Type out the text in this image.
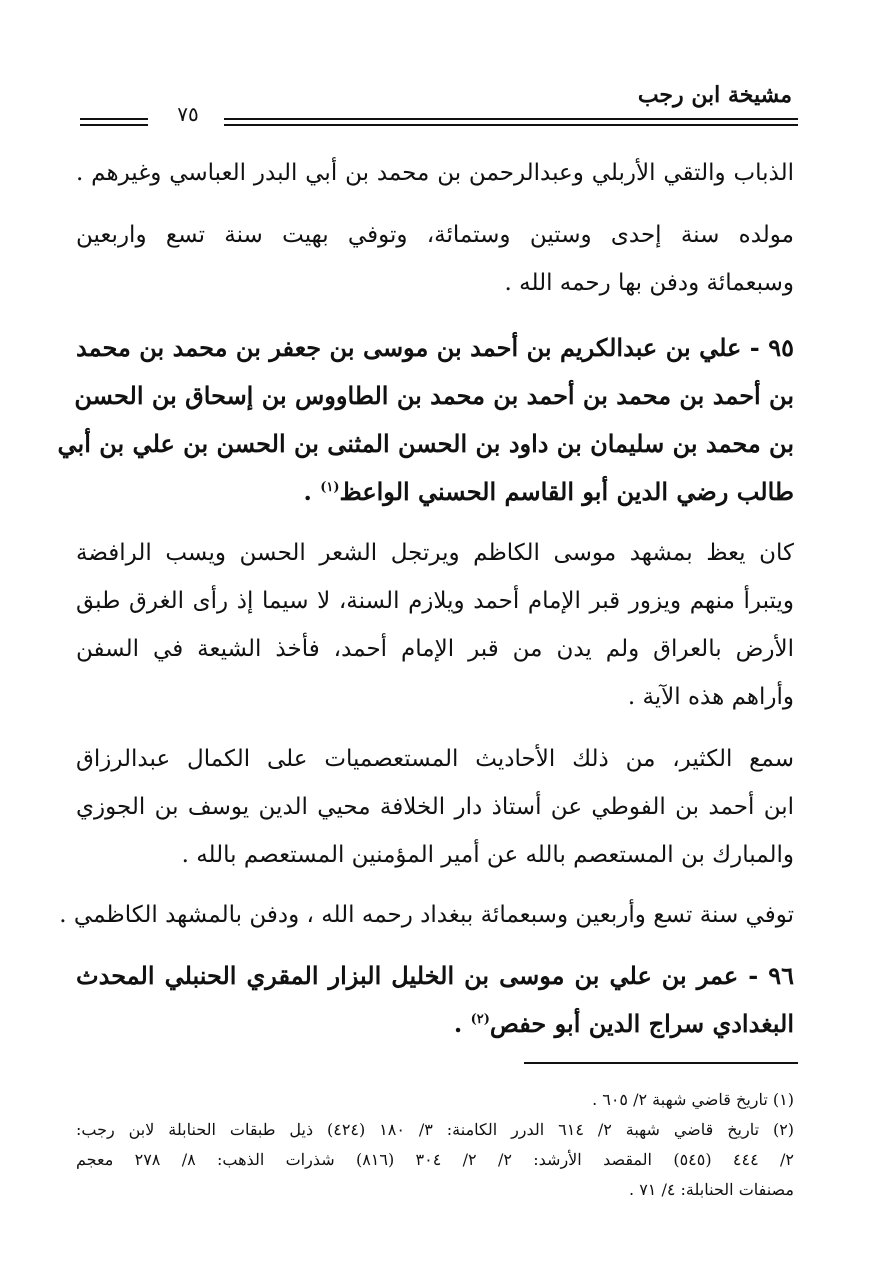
مشيخة ابن رجب
٧٥
الذباب والتقي الأربلي وعبدالرحمن بن محمد بن أبي البدر العباسي وغيرهم .
مولده سنة إحدى وستين وستمائة، وتوفي بهيت سنة تسع واربعين
وسبعمائة ودفن بها رحمه الله .
٩٥ - علي بن عبدالكريم بن أحمد بن موسى بن جعفر بن محمد بن محمد
بن أحمد بن محمد بن أحمد بن محمد بن الطاووس بن إسحاق بن الحسن
بن محمد بن سليمان بن داود بن الحسن المثنى بن الحسن بن علي بن أبي
طالب رضي الدين أبو القاسم الحسني الواعظ$^{(١)}$ .
كان يعظ بمشهد موسى الكاظم ويرتجل الشعر الحسن ويسب الرافضة
ويتبرأ منهم ويزور قبر الإمام أحمد ويلازم السنة، لا سيما إذ رأى الغرق طبق
الأرض بالعراق ولم يدن من قبر الإمام أحمد، فأخذ الشيعة في السفن
وأراهم هذه الآية .
سمع الكثير، من ذلك الأحاديث المستعصميات على الكمال عبدالرزاق
ابن أحمد بن الفوطي عن أستاذ دار الخلافة محيي الدين يوسف بن الجوزي
والمبارك بن المستعصم بالله عن أمير المؤمنين المستعصم بالله .
توفي سنة تسع وأربعين وسبعمائة ببغداد رحمه الله ، ودفن بالمشهد الكاظمي .
٩٦ - عمر بن علي بن موسى بن الخليل البزار المقري الحنبلي المحدث
البغدادي سراج الدين أبو حفص$^{(٢)}$ .
(١) تاريخ قاضي شهبة ٢/ ٦٠٥ .
(٢) تاريخ قاضي شهبة ٢/ ٦١٤ الدرر الكامنة: ٣/ ١٨٠ (٤٢٤) ذيل طبقات الحنابلة لابن رجب:
٢/ ٤٤٤ (٥٤٥) المقصد الأرشد: ٢/ ٢/ ٣٠٤ (٨١٦) شذرات الذهب: ٨/ ٢٧٨ معجم
مصنفات الحنابلة: ٤/ ٧١ .
